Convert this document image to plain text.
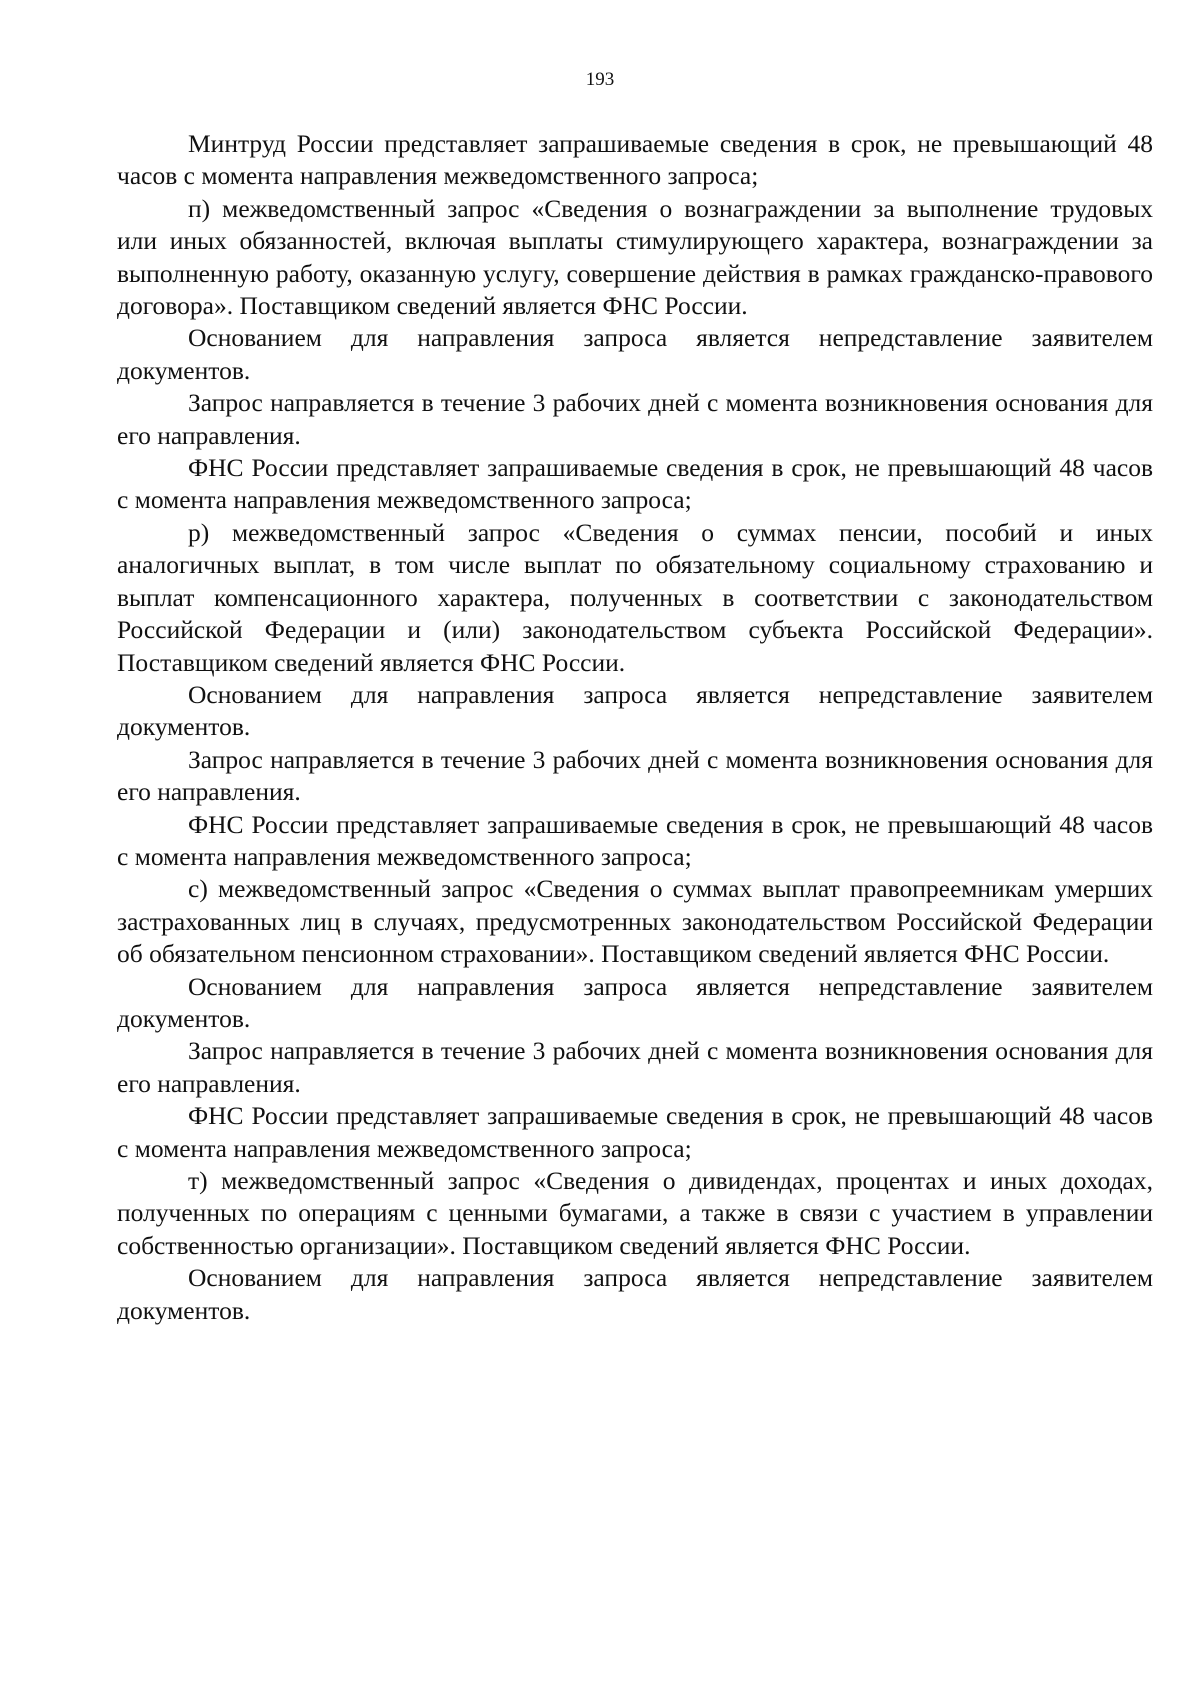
193

Минтруд России представляет запрашиваемые сведения в срок, не превышающий 48 часов с момента направления межведомственного запроса;

п) межведомственный запрос «Сведения о вознаграждении за выполнение трудовых или иных обязанностей, включая выплаты стимулирующего характера, вознаграждении за выполненную работу, оказанную услугу, совершение действия в рамках гражданско-правового договора». Поставщиком сведений является ФНС России.

Основанием для направления запроса является непредставление заявителем документов.

Запрос направляется в течение 3 рабочих дней с момента возникновения основания для его направления.

ФНС России представляет запрашиваемые сведения в срок, не превышающий 48 часов с момента направления межведомственного запроса;

р) межведомственный запрос «Сведения о суммах пенсии, пособий и иных аналогичных выплат, в том числе выплат по обязательному социальному страхованию и выплат компенсационного характера, полученных в соответствии с законодательством Российской Федерации и (или) законодательством субъекта Российской Федерации». Поставщиком сведений является ФНС России.

Основанием для направления запроса является непредставление заявителем документов.

Запрос направляется в течение 3 рабочих дней с момента возникновения основания для его направления.

ФНС России представляет запрашиваемые сведения в срок, не превышающий 48 часов с момента направления межведомственного запроса;

с) межведомственный запрос «Сведения о суммах выплат правопреемникам умерших застрахованных лиц в случаях, предусмотренных законодательством Российской Федерации об обязательном пенсионном страховании». Поставщиком сведений является ФНС России.

Основанием для направления запроса является непредставление заявителем документов.

Запрос направляется в течение 3 рабочих дней с момента возникновения основания для его направления.

ФНС России представляет запрашиваемые сведения в срок, не превышающий 48 часов с момента направления межведомственного запроса;

т) межведомственный запрос «Сведения о дивидендах, процентах и иных доходах, полученных по операциям с ценными бумагами, а также в связи с участием в управлении собственностью организации». Поставщиком сведений является ФНС России.

Основанием для направления запроса является непредставление заявителем документов.
